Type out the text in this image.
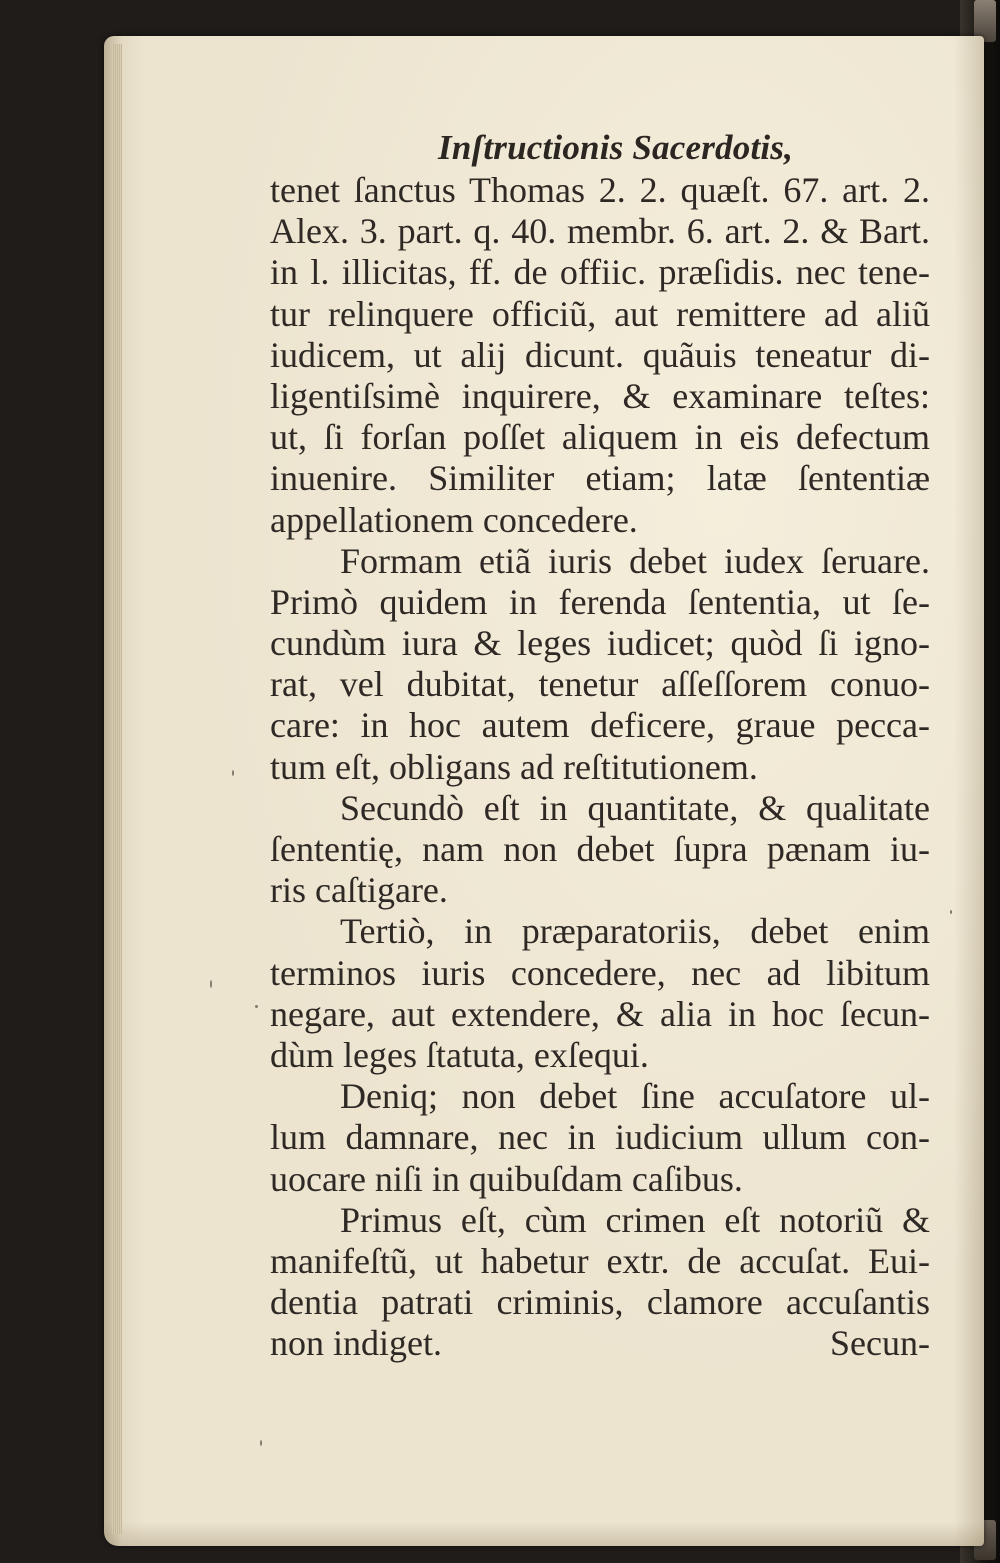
Inſtructionis Sacerdotis,
tenet ſanctus Thomas 2. 2. quæſt. 67. art. 2.
Alex. 3. part. q. 40. membr. 6. art. 2. & Bart.
in l. illicitas, ff. de offiic. præſidis. nec tene-
tur relinquere officiũ, aut remittere ad aliũ
iudicem, ut alij dicunt. quãuis teneatur di-
ligentiſsimè inquirere, & examinare teſtes:
ut, ſi forſan poſſet aliquem in eis defectum
inuenire. Similiter etiam; latæ ſententiæ
appellationem concedere.
Formam etiã iuris debet iudex ſeruare.
Primò quidem in ferenda ſententia, ut ſe-
cundùm iura & leges iudicet; quòd ſi igno-
rat, vel dubitat, tenetur aſſeſſorem conuo-
care: in hoc autem deficere, graue pecca-
tum eſt, obligans ad reſtitutionem.
Secundò eſt in quantitate, & qualitate
ſententię, nam non debet ſupra pænam iu-
ris caſtigare.
Tertiò, in præparatoriis, debet enim
terminos iuris concedere, nec ad libitum
negare, aut extendere, & alia in hoc ſecun-
dùm leges ſtatuta, exſequi.
Deniq; non debet ſine accuſatore ul-
lum damnare, nec in iudicium ullum con-
uocare niſi in quibuſdam caſibus.
Primus eſt, cùm crimen eſt notoriũ &
manifeſtũ, ut habetur extr. de accuſat. Eui-
dentia patrati criminis, clamore accuſantis
non indiget.	Secun-
